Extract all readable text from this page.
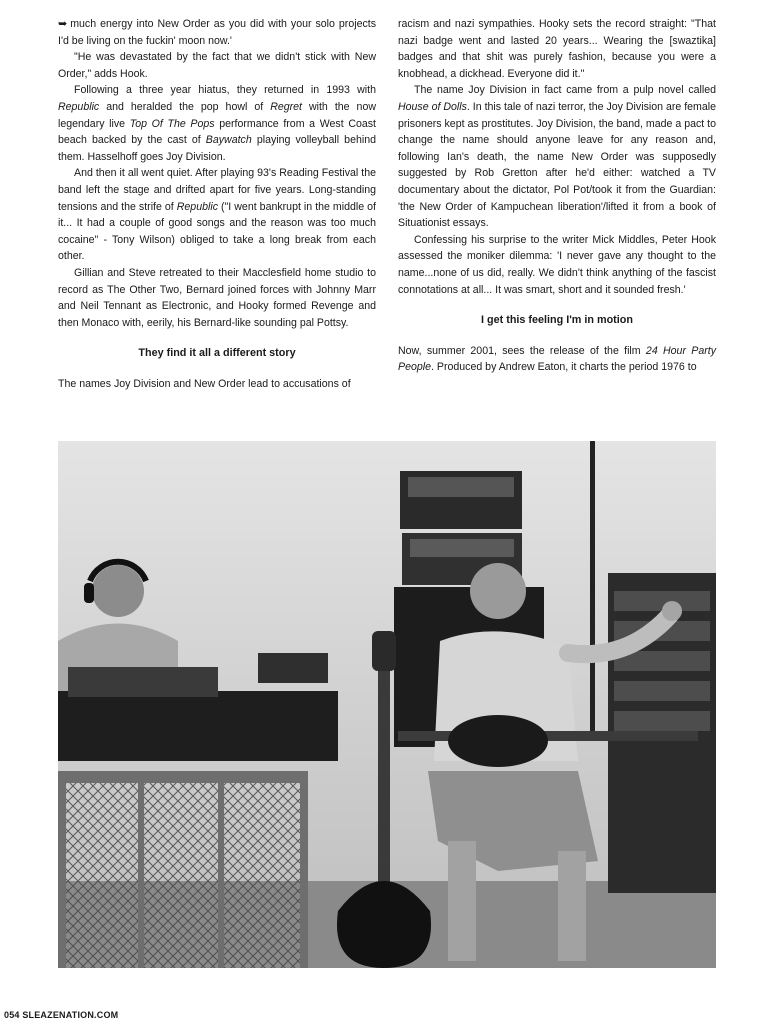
➥ much energy into New Order as you did with your solo projects I'd be living on the fuckin' moon now.'

"He was devastated by the fact that we didn't stick with New Order," adds Hook.

Following a three year hiatus, they returned in 1993 with Republic and heralded the pop howl of Regret with the now legendary live Top Of The Pops performance from a West Coast beach backed by the cast of Baywatch playing volleyball behind them. Hasselhoff goes Joy Division.

And then it all went quiet. After playing 93's Reading Festival the band left the stage and drifted apart for five years. Long-standing tensions and the strife of Republic ("I went bankrupt in the middle of it... It had a couple of good songs and the reason was too much cocaine" - Tony Wilson) obliged to take a long break from each other.

Gillian and Steve retreated to their Macclesfield home studio to record as The Other Two, Bernard joined forces with Johnny Marr and Neil Tennant as Electronic, and Hooky formed Revenge and then Monaco with, eerily, his Bernard-like sounding pal Pottsy.

They find it all a different story

The names Joy Division and New Order lead to accusations of

racism and nazi sympathies. Hooky sets the record straight: "That nazi badge went and lasted 20 years... Wearing the [swaztika] badges and that shit was purely fashion, because you were a knobhead, a dickhead. Everyone did it."

The name Joy Division in fact came from a pulp novel called House of Dolls. In this tale of nazi terror, the Joy Division are female prisoners kept as prostitutes. Joy Division, the band, made a pact to change the name should anyone leave for any reason and, following Ian's death, the name New Order was supposedly suggested by Rob Gretton after he'd either: watched a TV documentary about the dictator, Pol Pot/took it from the Guardian: 'the New Order of Kampuchean liberation'/lifted it from a book of Situationist essays.

Confessing his surprise to the writer Mick Middles, Peter Hook assessed the moniker dilemma: 'I never gave any thought to the name...none of us did, really. We didn't think anything of the fascist connotations at all... It was smart, short and it sounded fresh.'

I get this feeling I'm in motion

Now, summer 2001, sees the release of the film 24 Hour Party People. Produced by Andrew Eaton, it charts the period 1976 to

054 SLEAZENATION.COM
